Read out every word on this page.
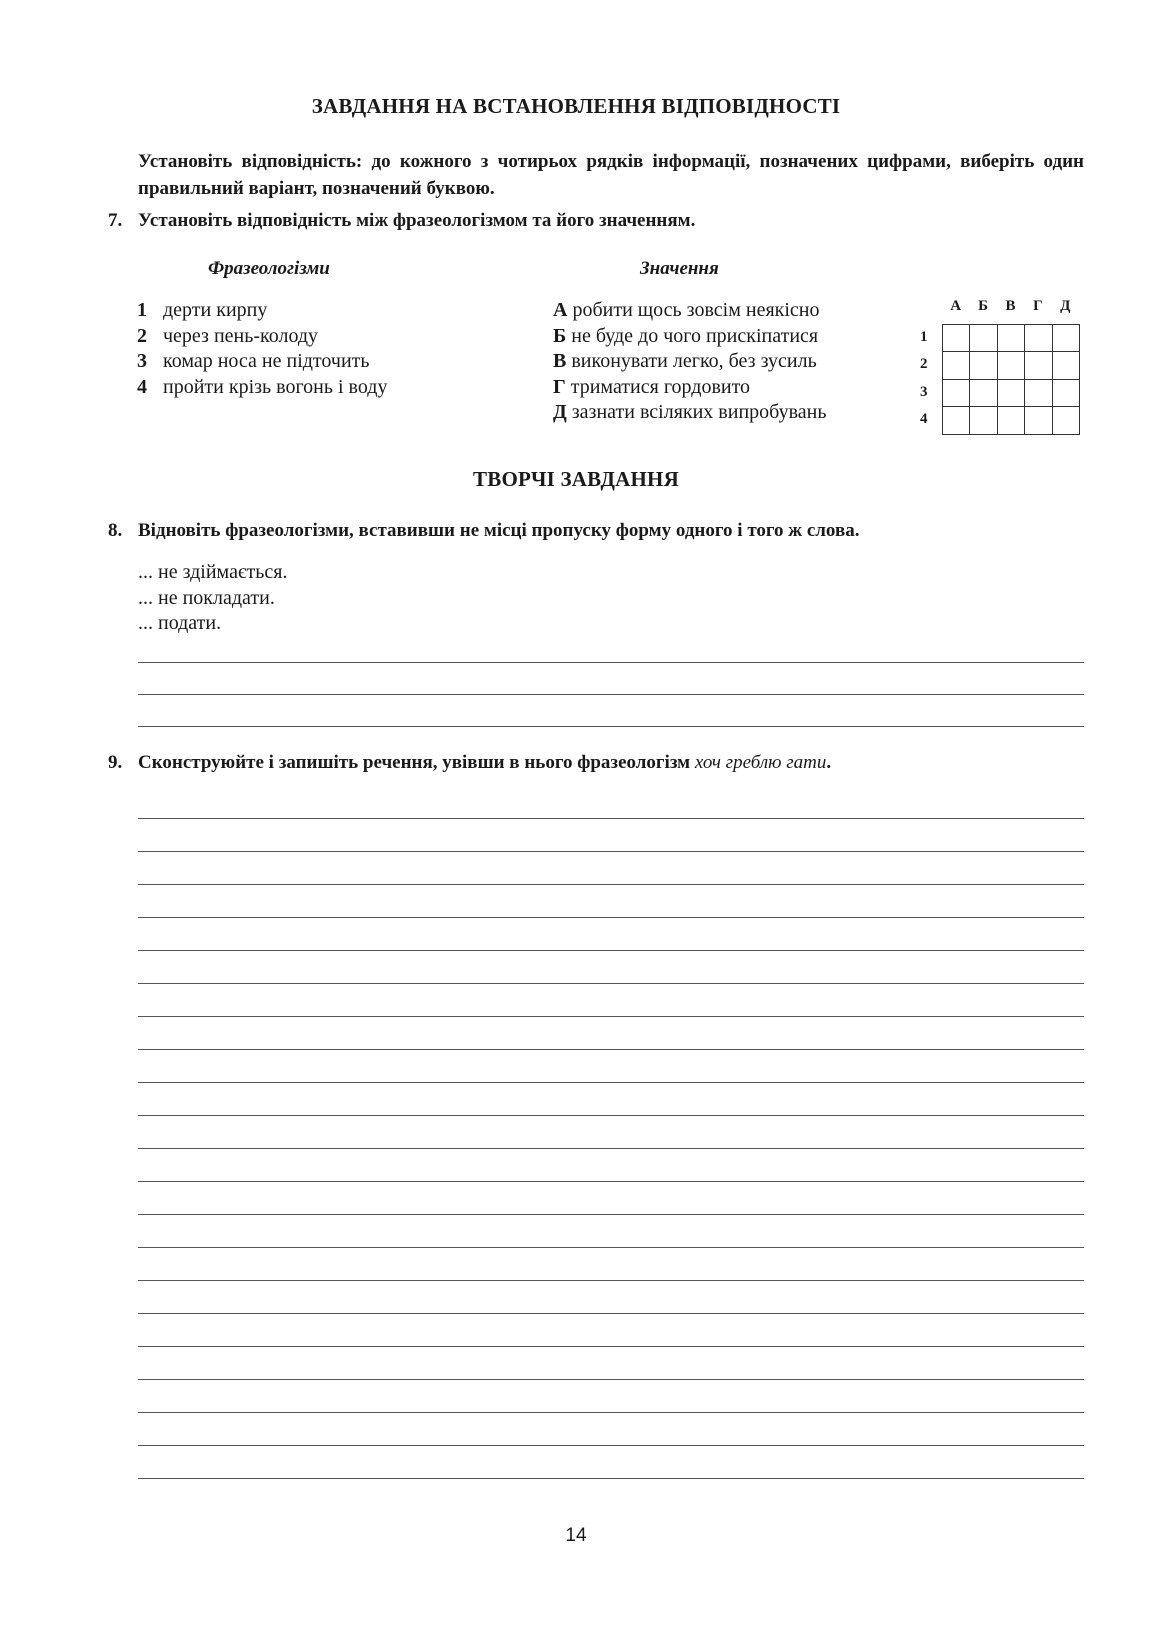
ЗАВДАННЯ НА ВСТАНОВЛЕННЯ ВІДПОВІДНОСТІ
Установіть відповідність: до кожного з чотирьох рядків інформації, позначених цифрами, виберіть один правильний варіант, позначений буквою.
7. Установіть відповідність між фразеологізмом та його значенням.
Фразеологізми	Значення
1 дерти кирпу
2 через пень-колоду
3 комар носа не підточить
4 пройти крізь вогонь і воду
А робити щось зовсім неякісно
Б не буде до чого прискіпатися
В виконувати легко, без зусиль
Г триматися гордовито
Д зазнати всіляких випробувань
А	Б	В	Г	Д
1
2
3
4

ТВОРЧІ ЗАВДАННЯ
8. Відновіть фразеологізми, вставивши не місці пропуску форму одного і того ж слова.
... не здіймається.
... не покладати.
... подати.
9. Сконструюйте і запишіть речення, увівши в нього фразеологізм хоч греблю гати.
14
